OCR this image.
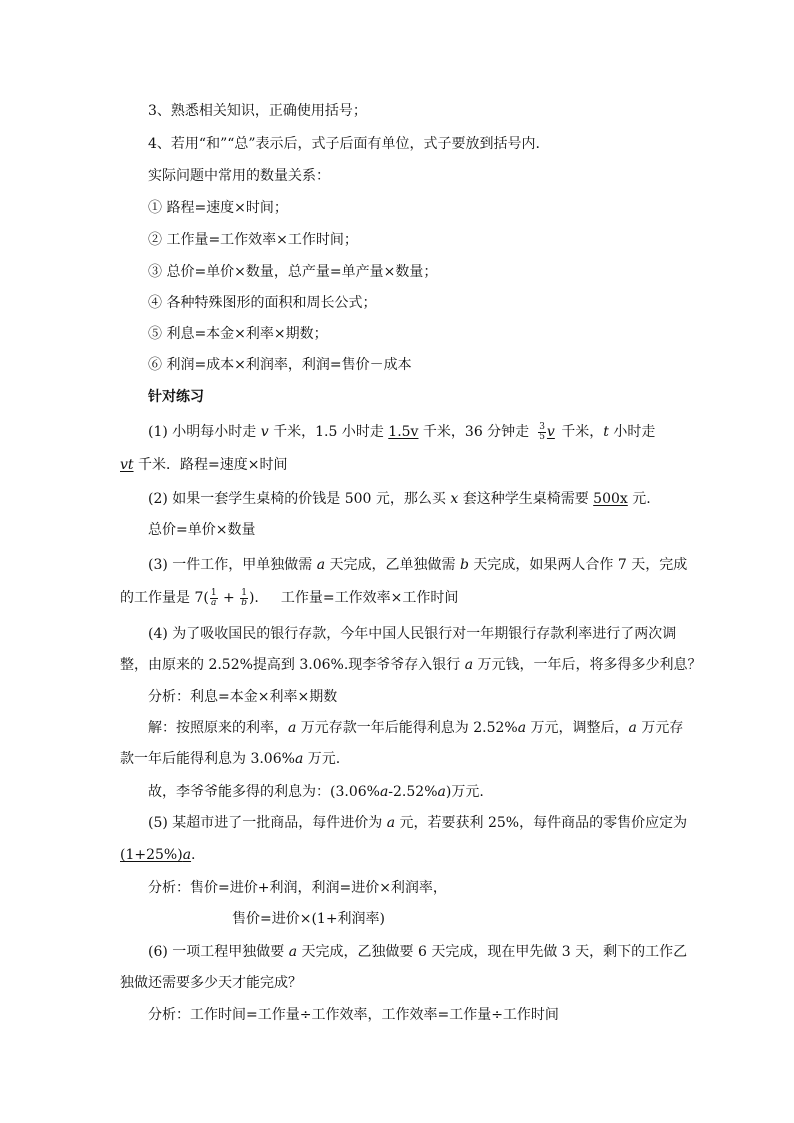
3、熟悉相关知识，正确使用括号；
4、若用“和”“总”表示后，式子后面有单位，式子要放到括号内.
实际问题中常用的数量关系：
① 路程=速度×时间；
② 工作量=工作效率×工作时间；
③ 总价=单价×数量，总产量=单产量×数量；
④ 各种特殊图形的面积和周长公式；
⑤ 利息=本金×利率×期数；
⑥ 利润=成本×利润率，利润=售价－成本
针对练习
(1) 小明每小时走 v 千米，1.5 小时走 1.5v 千米，36 分钟走 $\frac{3}{5}$ v 千米，t 小时走
vt 千米．路程=速度×时间
(2) 如果一套学生桌椅的价钱是 500 元，那么买 x 套这种学生桌椅需要 500x 元.
总价=单价×数量
(3) 一件工作，甲单独做需 a 天完成，乙单独做需 b 天完成，如果两人合作 7 天，完成
的工作量是 $7( \frac{1}{a} + \frac{1}{b}$ ). 工作量=工作效率×工作时间
(4) 为了吸收国民的银行存款，今年中国人民银行对一年期银行存款利率进行了两次调
整，由原来的 2.52%提高到 3.06%.现李爷爷存入银行 a 万元钱，一年后，将多得多少利息？
分析：利息=本金×利率×期数
解：按照原来的利率，a 万元存款一年后能得利息为 2.52%a 万元，调整后，a 万元存
款一年后能得利息为 3.06%a 万元.
故，李爷爷能多得的利息为：(3.06%a-2.52%a)万元.
(5) 某超市进了一批商品，每件进价为 a 元，若要获利 25%，每件商品的零售价应定为
(1+25%)a.
分析：售价=进价+利润，利润=进价×利润率，
售价=进价×(1+利润率)
(6) 一项工程甲独做要 a 天完成，乙独做要 6 天完成，现在甲先做 3 天，剩下的工作乙
独做还需要多少天才能完成？
分析：工作时间=工作量÷工作效率，工作效率=工作量÷工作时间
